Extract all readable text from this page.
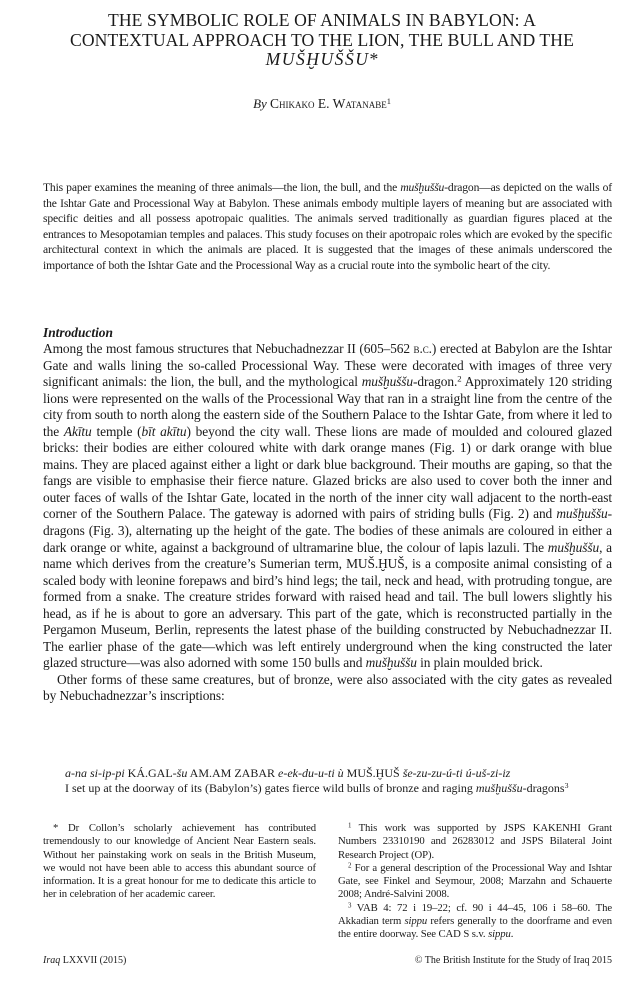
THE SYMBOLIC ROLE OF ANIMALS IN BABYLON: A
CONTEXTUAL APPROACH TO THE LION, THE BULL AND THE
MUŠḪUŠŠU*
By Chikako E. Watanabe$^1$

This paper examines the meaning of three animals—the lion, the bull, and the mušḫuššu-dragon—as depicted on the walls of the Ishtar Gate and Processional Way at Babylon. These animals embody multiple layers of meaning but are associated with specific deities and all possess apotropaic qualities. The animals served traditionally as guardian figures placed at the entrances to Mesopotamian temples and palaces. This study focuses on their apotropaic roles which are evoked by the specific architectural context in which the animals are placed. It is suggested that the images of these animals underscored the importance of both the Ishtar Gate and the Processional Way as a crucial route into the symbolic heart of the city.

Introduction

Among the most famous structures that Nebuchadnezzar II (605–562 b.c.) erected at Babylon are the Ishtar Gate and walls lining the so-called Processional Way. These were decorated with images of three very significant animals: the lion, the bull, and the mythological mušḫuššu-dragon.$^2$ Approximately 120 striding lions were represented on the walls of the Processional Way that ran in a straight line from the centre of the city from south to north along the eastern side of the Southern Palace to the Ishtar Gate, from where it led to the Akītu temple (bīt akītu) beyond the city wall. These lions are made of moulded and coloured glazed bricks: their bodies are either coloured white with dark orange manes (Fig. 1) or dark orange with blue mains. They are placed against either a light or dark blue background. Their mouths are gaping, so that the fangs are visible to emphasise their fierce nature. Glazed bricks are also used to cover both the inner and outer faces of walls of the Ishtar Gate, located in the north of the inner city wall adjacent to the north-east corner of the Southern Palace. The gateway is adorned with pairs of striding bulls (Fig. 2) and mušḫuššu-dragons (Fig. 3), alternating up the height of the gate. The bodies of these animals are coloured in either a dark orange or white, against a background of ultramarine blue, the colour of lapis lazuli. The mušḫuššu, a name which derives from the creature’s Sumerian term, MUŠ.ḪUŠ, is a composite animal consisting of a scaled body with leonine forepaws and bird’s hind legs; the tail, neck and head, with protruding tongue, are formed from a snake. The creature strides forward with raised head and tail. The bull lowers slightly his head, as if he is about to gore an adversary. This part of the gate, which is reconstructed partially in the Pergamon Museum, Berlin, represents the latest phase of the building constructed by Nebuchadnezzar II. The earlier phase of the gate—which was left entirely underground when the king constructed the later glazed structure—was also adorned with some 150 bulls and mušḫuššu in plain moulded brick.

Other forms of these same creatures, but of bronze, were also associated with the city gates as revealed by Nebuchadnezzar’s inscriptions:

a-na si-ip-pi KÁ.GAL-šu AM.AM ZABAR e-ek-du-u-ti ù MUŠ.ḪUŠ še-zu-zu-ú-ti ú-uš-zi-iz
I set up at the doorway of its (Babylon’s) gates fierce wild bulls of bronze and raging mušḫuššu-dragons$^3$

* Dr Collon’s scholarly achievement has contributed tremendously to our knowledge of Ancient Near Eastern seals. Without her painstaking work on seals in the British Museum, we would not have been able to access this abundant source of information. It is a great honour for me to dedicate this article to her in celebration of her academic career.

$^1$ This work was supported by JSPS KAKENHI Grant Numbers 23310190 and 26283012 and JSPS Bilateral Joint Research Project (OP).

$^2$ For a general description of the Processional Way and Ishtar Gate, see Finkel and Seymour, 2008; Marzahn and Schauerte 2008; André-Salvini 2008.

$^3$ VAB 4: 72 i 19–22; cf. 90 i 44–45, 106 i 58–60. The Akkadian term sippu refers generally to the doorframe and even the entire doorway. See CAD S s.v. sippu.

Iraq LXXVII (2015)	© The British Institute for the Study of Iraq 2015
